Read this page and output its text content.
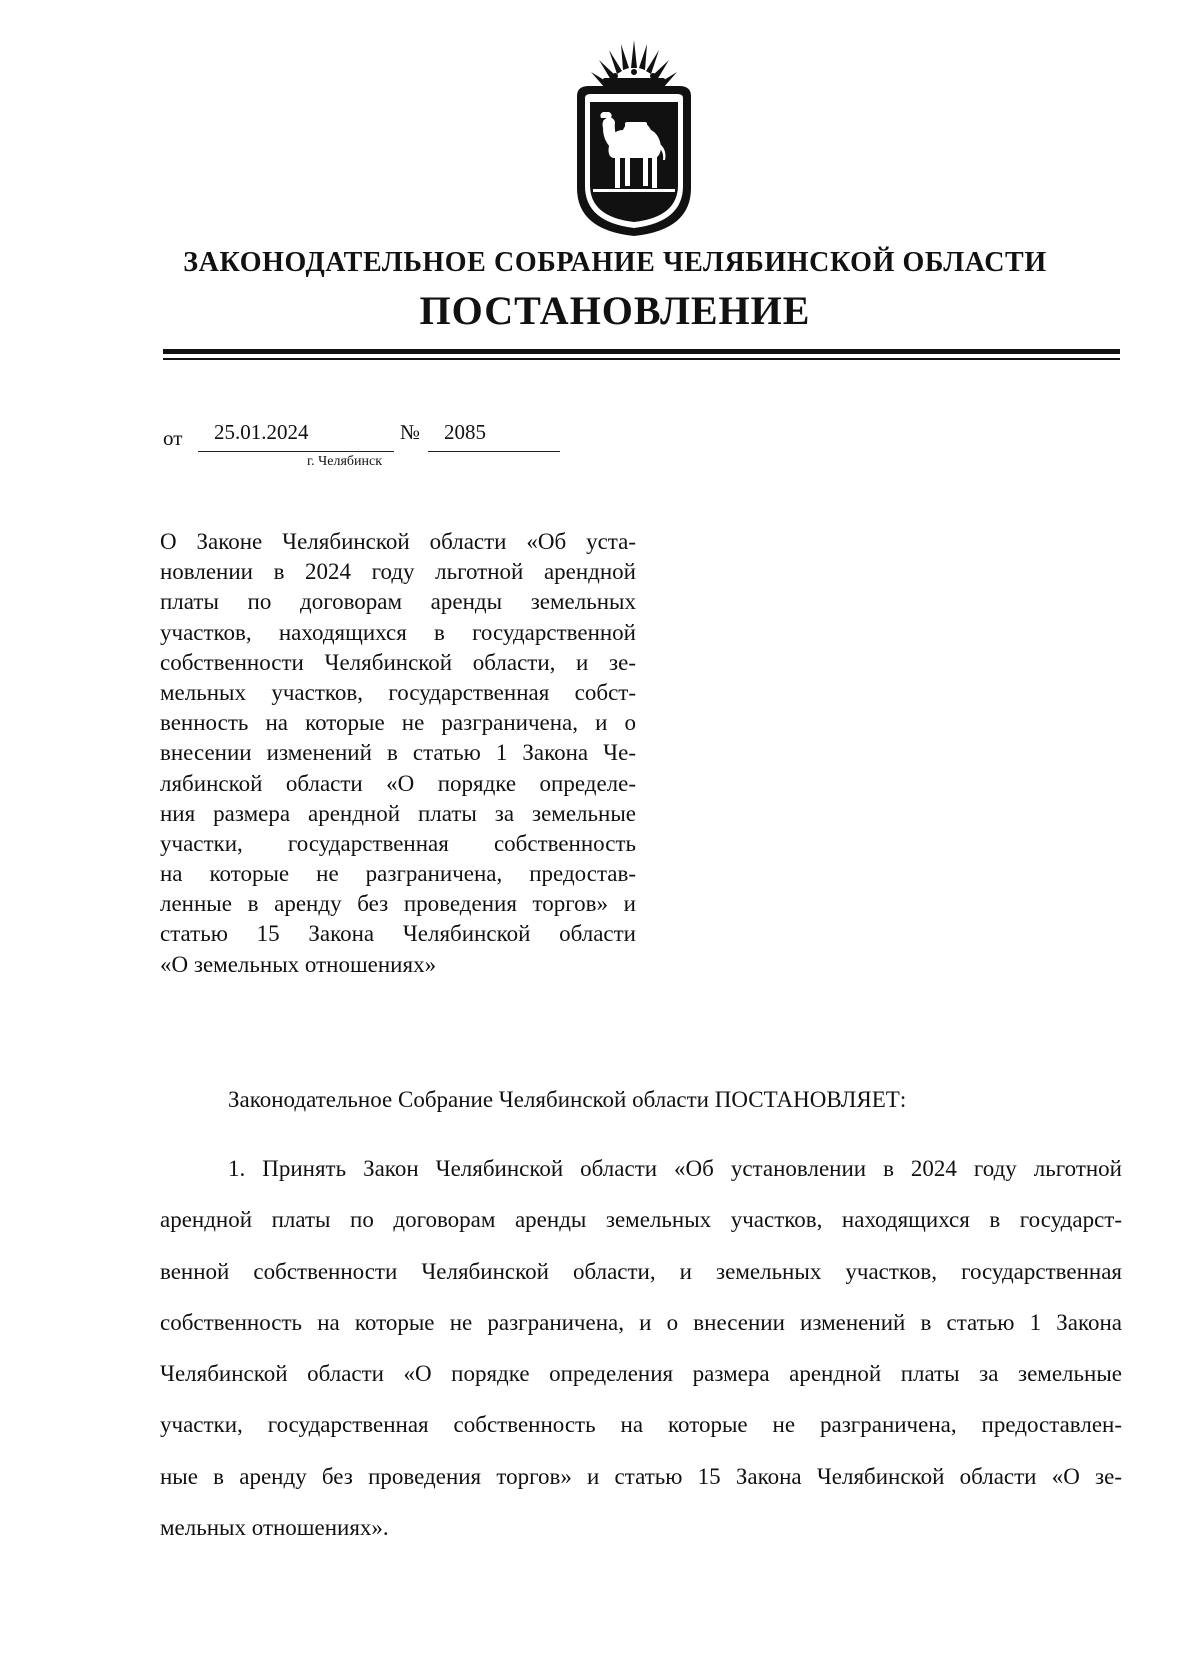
ЗАКОНОДАТЕЛЬНОЕ СОБРАНИЕ ЧЕЛЯБИНСКОЙ ОБЛАСТИ
ПОСТАНОВЛЕНИЕ
от 25.01.2024	№ 2085
г. Челябинск
О Законе Челябинской области «Об уста-
новлении в 2024 году льготной арендной
платы по договорам аренды земельных
участков, находящихся в государственной
собственности Челябинской области, и зе-
мельных участков, государственная собст-
венность на которые не разграничена, и о
внесении изменений в статью 1 Закона Че-
лябинской области «О порядке определе-
ния размера арендной платы за земельные
участки, государственная собственность
на которые не разграничена, предостав-
ленные в аренду без проведения торгов» и
статью 15 Закона Челябинской области
«О земельных отношениях»
Законодательное Собрание Челябинской области ПОСТАНОВЛЯЕТ:
1. Принять Закон Челябинской области «Об установлении в 2024 году льготной
арендной платы по договорам аренды земельных участков, находящихся в государст-
венной собственности Челябинской области, и земельных участков, государственная
собственность на которые не разграничена, и о внесении изменений в статью 1 Закона
Челябинской области «О порядке определения размера арендной платы за земельные
участки, государственная собственность на которые не разграничена, предоставлен-
ные в аренду без проведения торгов» и статью 15 Закона Челябинской области «О зе-
мельных отношениях».
